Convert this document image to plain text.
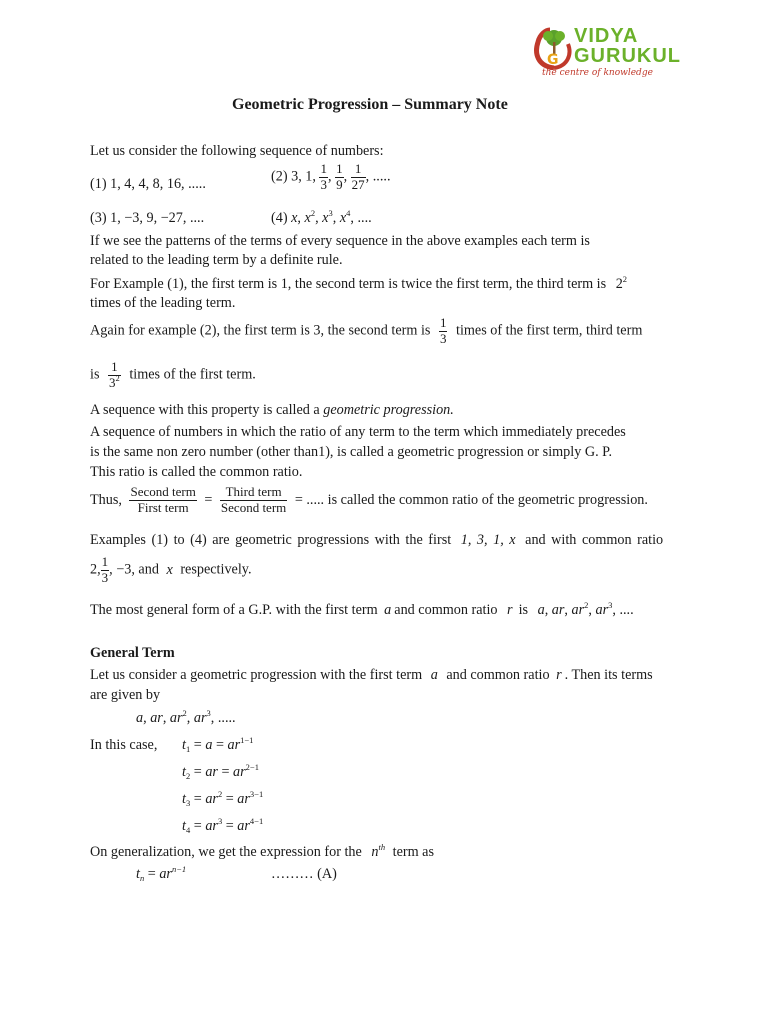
G
VIDYA
GURUKUL
the centre of knowledge
Geometric Progression – Summary Note
Let us consider the following sequence of numbers:
(1) 1, 4, 4, 8, 16, .....	(2) 3, 1, $\frac{1}{3}$ , $\frac{1}{9}$ , $\frac{1}{27}$ , .....
(3) 1, −3, 9, −27, ....	(4) x, $x^2$, $x^3$, $x^4$, ....
If we see the patterns of the terms of every sequence in the above examples each term is
related to the leading term by a definite rule.
For Example (1), the first term is 1, the second term is twice the first term, the third term is $2^2$
times of the leading term.
Again for example (2), the first term is 3, the second term is $\frac{1}{3}$ times of the first term, third term
is $\frac{1}{3^2}$ times of the first term.
A sequence with this property is called a geometric progression.
A sequence of numbers in which the ratio of any term to the term which immediately precedes
is the same non zero number (other than1), is called a geometric progression or simply G. P.
This ratio is called the common ratio.
Thus, $\frac{\text{Second term}}{\text{First term}} = \frac{\text{Third term}}{\text{Second term}}$ = ..... is called the common ratio of the geometric progression.
Examples (1) to (4) are geometric progressions with the first 1, 3, 1, x and with common ratio
2, $\frac{1}{3}$ , −3, and x respectively.
The most general form of a G.P. with the first term a and common ratio r is a, ar, $ar^2$, $ar^3$, ....
General Term
Let us consider a geometric progression with the first term a and common ratio r . Then its terms
are given by
a, ar, $ar^2$, $ar^3$, .....
In this case, $t_1 = a = ar^{1-1}$
$t_2$ = ar = $ar^{2-1}$
$t_3 = ar^2 = ar^{3-1}$
$t_4 = ar^3 = ar^{4-1}$
On generalization, we get the expression for the $n^{th}$ term as
$t_n = ar^{n-1}$	……… (A)
